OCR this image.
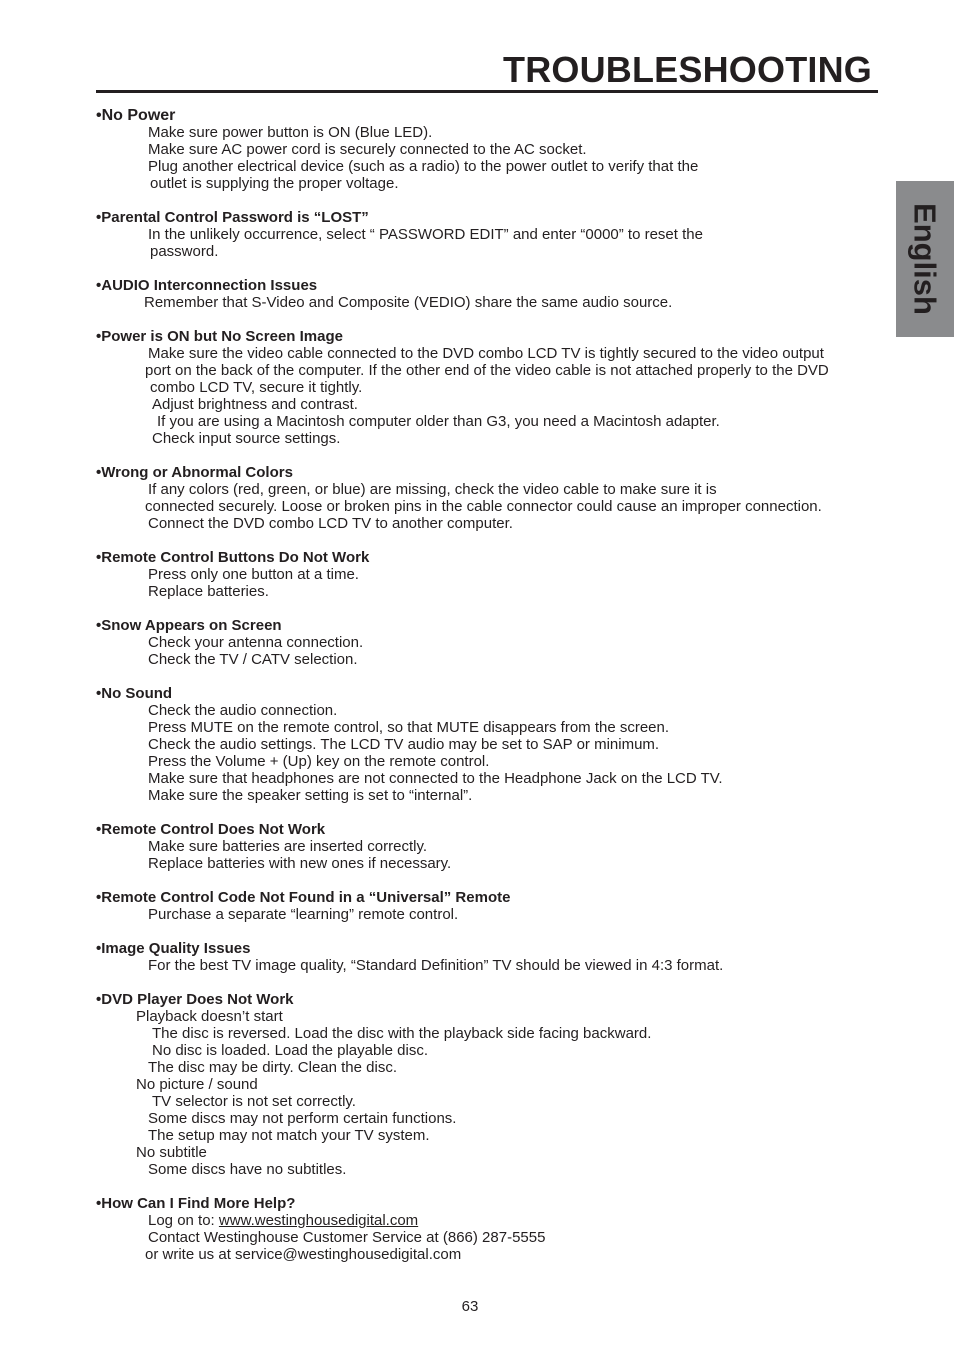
TROUBLESHOOTING
English
•No Power
Make sure power button is ON (Blue LED).
Make sure AC power cord is securely connected to the AC socket.
Plug another electrical device (such as a radio) to the power outlet to verify that the
outlet is supplying the proper voltage.
•Parental Control Password is “LOST”
In the unlikely occurrence, select “ PASSWORD EDIT” and enter “0000” to reset the
password.
•AUDIO Interconnection Issues
Remember that S-Video and Composite (VEDIO) share the same audio source.
•Power is ON but No Screen Image
Make sure the video cable connected to the DVD combo LCD TV is tightly secured to the video output
port on the back of the computer. If the other end of the video cable is not attached properly to the DVD
combo LCD TV, secure it tightly.
Adjust brightness and contrast.
If you are using a Macintosh computer older than G3, you need a Macintosh adapter.
Check input source settings.
•Wrong or Abnormal Colors
If any colors (red, green, or blue) are missing, check the video cable to make sure it is
connected securely. Loose or broken pins in the cable connector could cause an improper connection.
Connect the DVD combo LCD TV to another computer.
•Remote Control Buttons Do Not Work
Press only one button at a time.
Replace batteries.
•Snow Appears on Screen
Check your antenna connection.
Check the TV / CATV selection.
•No Sound
Check the audio connection.
Press MUTE on the remote control, so that MUTE disappears from the screen.
Check the audio settings. The LCD TV audio may be set to SAP or minimum.
Press the Volume + (Up) key on the remote control.
Make sure that headphones are not connected to the Headphone Jack on the LCD TV.
Make sure the speaker setting is set to “internal”.
•Remote Control Does Not Work
Make sure batteries are inserted correctly.
Replace batteries with new ones if necessary.
•Remote Control Code Not Found in a “Universal” Remote
Purchase a separate “learning” remote control.
•Image Quality Issues
For the best TV image quality, “Standard Definition” TV should be viewed in 4:3 format.
•DVD Player Does Not Work
Playback doesn’t start
The disc is reversed. Load the disc with the playback side facing backward.
No disc is loaded. Load the playable disc.
The disc may be dirty. Clean the disc.
No picture / sound
TV selector is not set correctly.
Some discs may not perform certain functions.
The setup may not match your TV system.
No subtitle
Some discs have no subtitles.
•How Can I Find More Help?
Log on to: www.westinghousedigital.com
Contact Westinghouse Customer Service at (866) 287-5555
or write us at service@westinghousedigital.com
63
